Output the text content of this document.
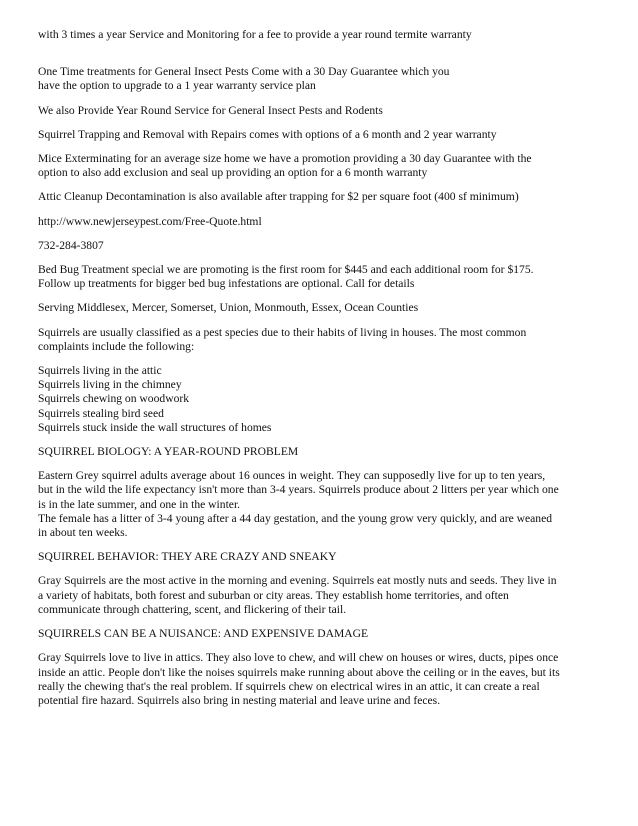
with 3 times a year Service and Monitoring for a fee to provide a year round termite warranty

One Time treatments for General Insect Pests Come with a 30 Day Guarantee which you
have the option to upgrade to a 1 year warranty service plan

We also Provide Year Round Service for General Insect Pests and Rodents

Squirrel Trapping and Removal with Repairs comes with options of a 6 month and 2 year warranty

Mice Exterminating for an average size home we have a promotion providing a 30 day Guarantee with the
option to also add exclusion and seal up providing an option for a 6 month warranty

Attic Cleanup Decontamination is also available after trapping for $2 per square foot (400 sf minimum)

http://www.newjerseypest.com/Free-Quote.html

732-284-3807

Bed Bug Treatment special we are promoting is the first room for $445 and each additional room for $175.
Follow up treatments for bigger bed bug infestations are optional. Call for details

Serving Middlesex, Mercer, Somerset, Union, Monmouth, Essex, Ocean Counties

Squirrels are usually classified as a pest species due to their habits of living in houses. The most common
complaints include the following:

Squirrels living in the attic
Squirrels living in the chimney
Squirrels chewing on woodwork
Squirrels stealing bird seed
Squirrels stuck inside the wall structures of homes

SQUIRREL BIOLOGY: A YEAR-ROUND PROBLEM

Eastern Grey squirrel adults average about 16 ounces in weight. They can supposedly live for up to ten years,
but in the wild the life expectancy isn't more than 3-4 years. Squirrels produce about 2 litters per year which one
is in the late summer, and one in the winter.
The female has a litter of 3-4 young after a 44 day gestation, and the young grow very quickly, and are weaned
in about ten weeks.

SQUIRREL BEHAVIOR: THEY ARE CRAZY AND SNEAKY

Gray Squirrels are the most active in the morning and evening. Squirrels eat mostly nuts and seeds. They live in
a variety of habitats, both forest and suburban or city areas. They establish home territories, and often
communicate through chattering, scent, and flickering of their tail.

SQUIRRELS CAN BE A NUISANCE: AND EXPENSIVE DAMAGE

Gray Squirrels love to live in attics. They also love to chew, and will chew on houses or wires, ducts, pipes once
inside an attic. People don't like the noises squirrels make running about above the ceiling or in the eaves, but its
really the chewing that's the real problem. If squirrels chew on electrical wires in an attic, it can create a real
potential fire hazard. Squirrels also bring in nesting material and leave urine and feces.
